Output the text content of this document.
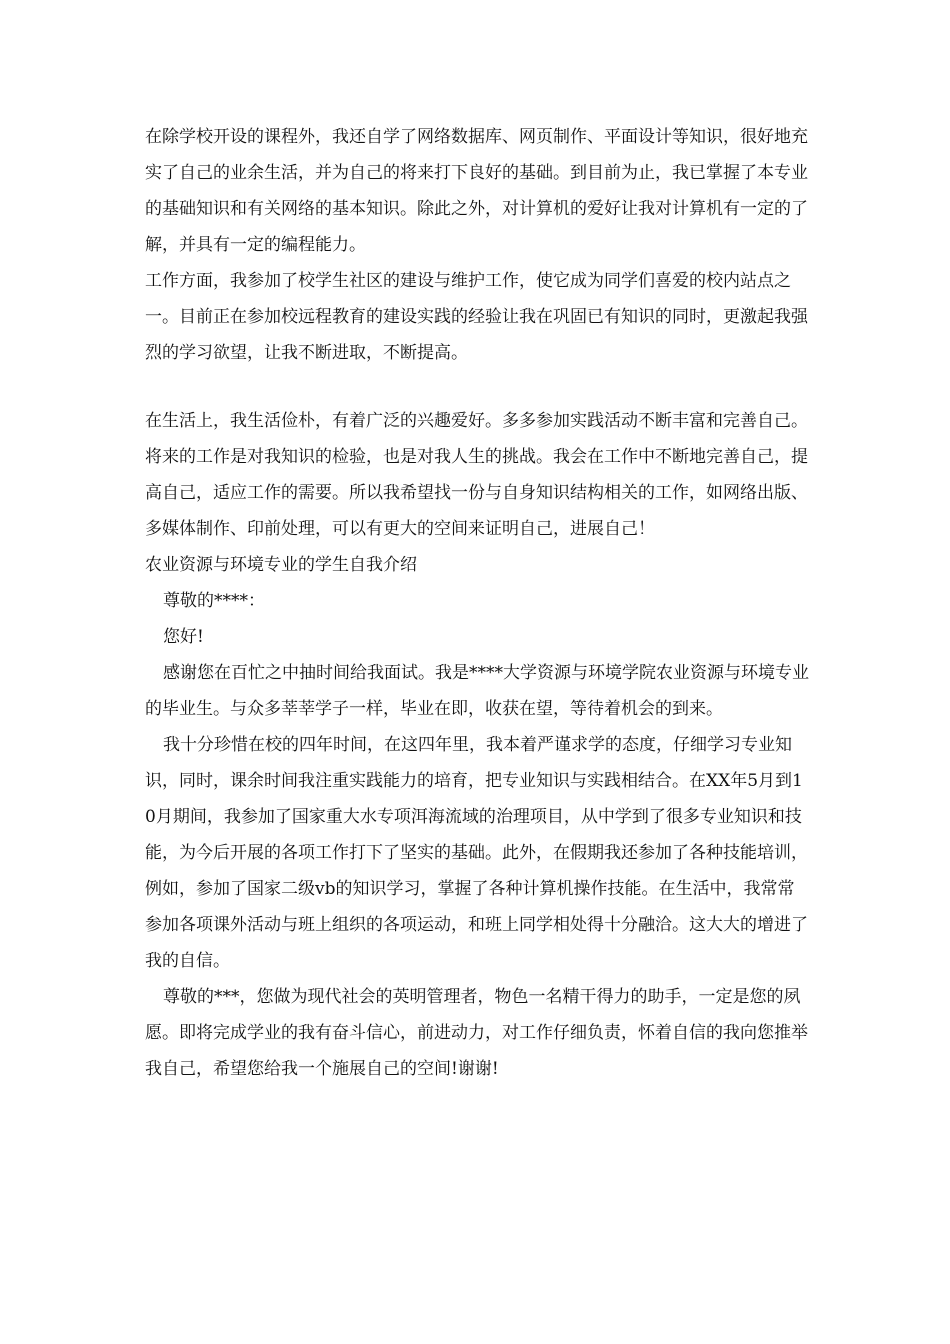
在除学校开设的课程外，我还自学了网络数据库、网页制作、平面设计等知识，很好地充实了自己的业余生活，并为自己的将来打下良好的基础。到目前为止，我已掌握了本专业的基础知识和有关网络的基本知识。除此之外，对计算机的爱好让我对计算机有一定的了解，并具有一定的编程能力。

工作方面，我参加了校学生社区的建设与维护工作，使它成为同学们喜爱的校内站点之一。目前正在参加校远程教育的建设实践的经验让我在巩固已有知识的同时，更激起我强烈的学习欲望，让我不断进取，不断提高。

在生活上，我生活俭朴，有着广泛的兴趣爱好。多多参加实践活动不断丰富和完善自己。

将来的工作是对我知识的检验，也是对我人生的挑战。我会在工作中不断地完善自己，提高自己，适应工作的需要。所以我希望找一份与自身知识结构相关的工作，如网络出版、多媒体制作、印前处理，可以有更大的空间来证明自己，进展自己！

农业资源与环境专业的学生自我介绍

尊敬的****：

您好!

感谢您在百忙之中抽时间给我面试。我是****大学资源与环境学院农业资源与环境专业的毕业生。与众多莘莘学子一样，毕业在即，收获在望，等待着机会的到来。

我十分珍惜在校的四年时间，在这四年里，我本着严谨求学的态度，仔细学习专业知识，同时，课余时间我注重实践能力的培育，把专业知识与实践相结合。在XX年5月到10月期间，我参加了国家重大水专项洱海流域的治理项目，从中学到了很多专业知识和技能，为今后开展的各项工作打下了坚实的基础。此外，在假期我还参加了各种技能培训，例如，参加了国家二级vb的知识学习，掌握了各种计算机操作技能。在生活中，我常常参加各项课外活动与班上组织的各项运动，和班上同学相处得十分融洽。这大大的增进了我的自信。

尊敬的***，您做为现代社会的英明管理者，物色一名精干得力的助手，一定是您的夙愿。即将完成学业的我有奋斗信心，前进动力，对工作仔细负责，怀着自信的我向您推举我自己，希望您给我一个施展自己的空间!谢谢!
